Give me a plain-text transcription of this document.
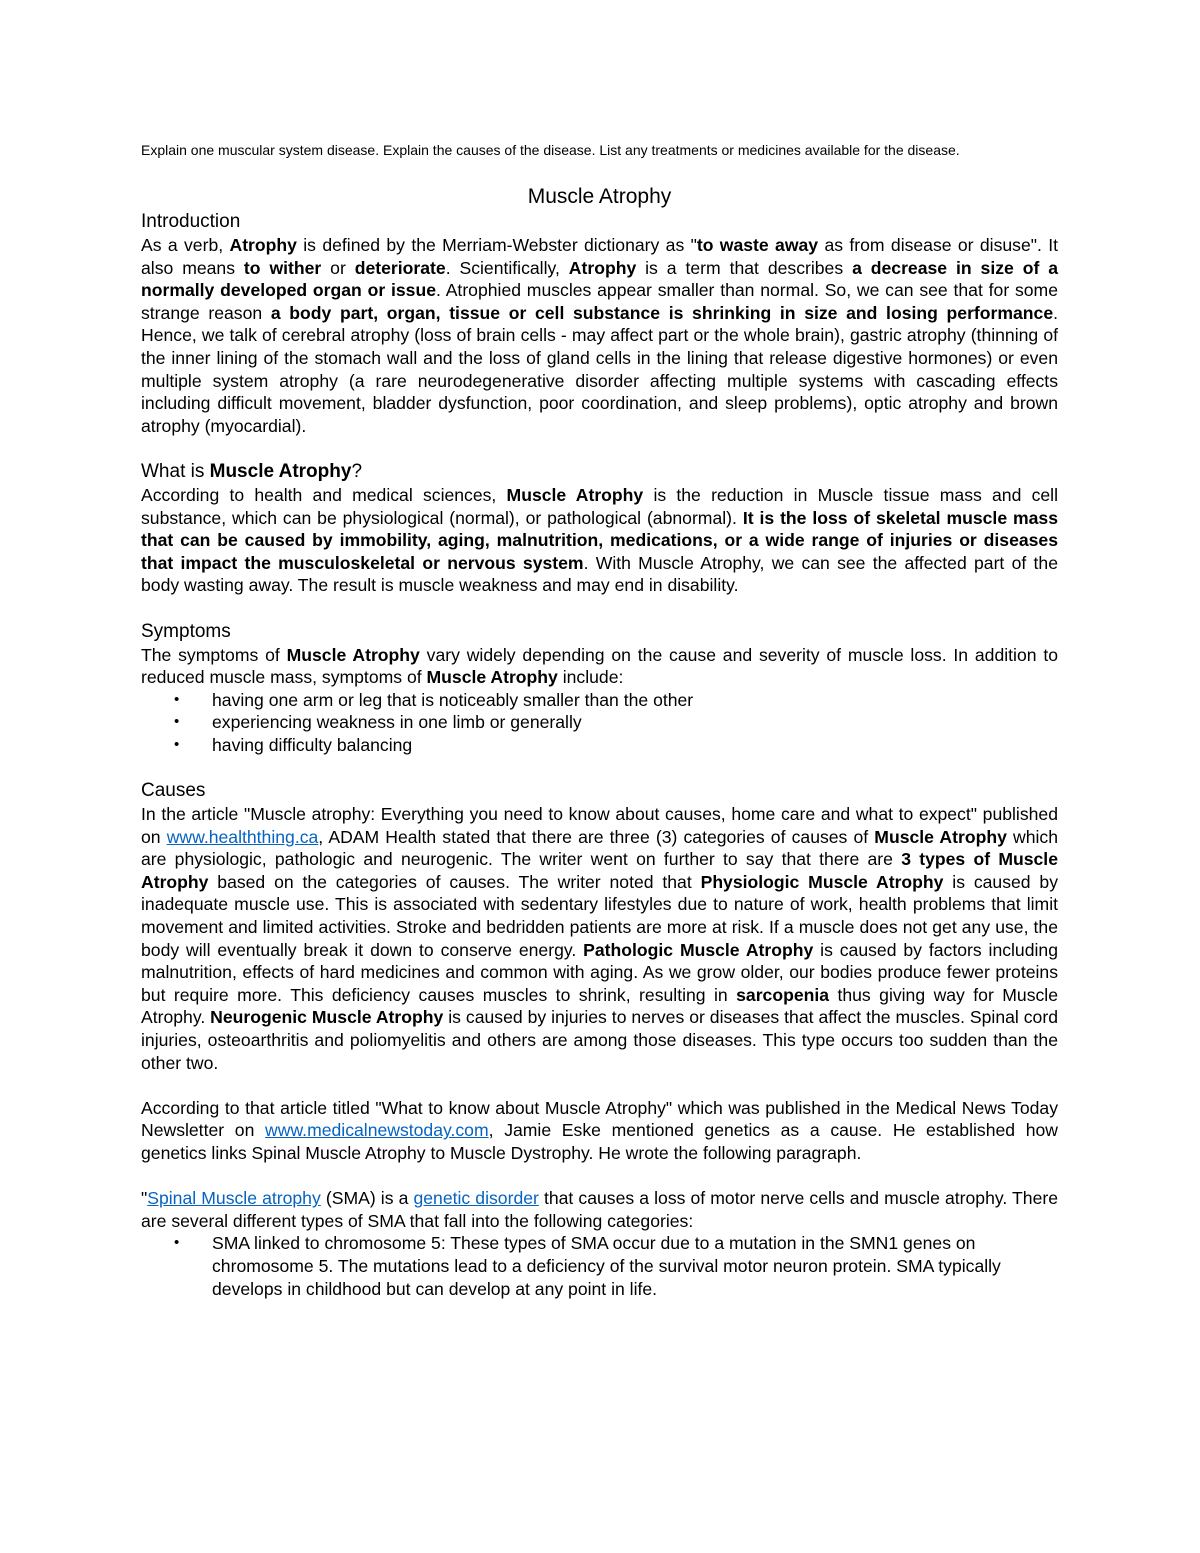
Explain one muscular system disease. Explain the causes of the disease. List any treatments or medicines available for the disease.
Muscle Atrophy
Introduction

As a verb, Atrophy is defined by the Merriam-Webster dictionary as "to waste away as from disease or disuse". It also means to wither or deteriorate. Scientifically, Atrophy is a term that describes a decrease in size of a normally developed organ or issue. Atrophied muscles appear smaller than normal. So, we can see that for some strange reason a body part, organ, tissue or cell substance is shrinking in size and losing performance. Hence, we talk of cerebral atrophy (loss of brain cells - may affect part or the whole brain), gastric atrophy (thinning of the inner lining of the stomach wall and the loss of gland cells in the lining that release digestive hormones) or even multiple system atrophy (a rare neurodegenerative disorder affecting multiple systems with cascading effects including difficult movement, bladder dysfunction, poor coordination, and sleep problems), optic atrophy and brown atrophy (myocardial).

What is Muscle Atrophy?

According to health and medical sciences, Muscle Atrophy is the reduction in Muscle tissue mass and cell substance, which can be physiological (normal), or pathological (abnormal). It is the loss of skeletal muscle mass that can be caused by immobility, aging, malnutrition, medications, or a wide range of injuries or diseases that impact the musculoskeletal or nervous system. With Muscle Atrophy, we can see the affected part of the body wasting away. The result is muscle weakness and may end in disability.

Symptoms

The symptoms of Muscle Atrophy vary widely depending on the cause and severity of muscle loss. In addition to reduced muscle mass, symptoms of Muscle Atrophy include:

• having one arm or leg that is noticeably smaller than the other
• experiencing weakness in one limb or generally
• having difficulty balancing
Causes

In the article "Muscle atrophy: Everything you need to know about causes, home care and what to expect" published on www.healththing.ca, ADAM Health stated that there are three (3) categories of causes of Muscle Atrophy which are physiologic, pathologic and neurogenic. The writer went on further to say that there are 3 types of Muscle Atrophy based on the categories of causes. The writer noted that Physiologic Muscle Atrophy is caused by inadequate muscle use. This is associated with sedentary lifestyles due to nature of work, health problems that limit movement and limited activities. Stroke and bedridden patients are more at risk. If a muscle does not get any use, the body will eventually break it down to conserve energy. Pathologic Muscle Atrophy is caused by factors including malnutrition, effects of hard medicines and common with aging. As we grow older, our bodies produce fewer proteins but require more. This deficiency causes muscles to shrink, resulting in sarcopenia thus giving way for Muscle Atrophy. Neurogenic Muscle Atrophy is caused by injuries to nerves or diseases that affect the muscles. Spinal cord injuries, osteoarthritis and poliomyelitis and others are among those diseases. This type occurs too sudden than the other two.

According to that article titled "What to know about Muscle Atrophy" which was published in the Medical News Today Newsletter on www.medicalnewstoday.com, Jamie Eske mentioned genetics as a cause. He established how genetics links Spinal Muscle Atrophy to Muscle Dystrophy. He wrote the following paragraph.

"Spinal Muscle atrophy (SMA) is a genetic disorder that causes a loss of motor nerve cells and muscle atrophy. There are several different types of SMA that fall into the following categories:

• SMA linked to chromosome 5: These types of SMA occur due to a mutation in the SMN1 genes on chromosome 5. The mutations lead to a deficiency of the survival motor neuron protein. SMA typically develops in childhood but can develop at any point in life.
